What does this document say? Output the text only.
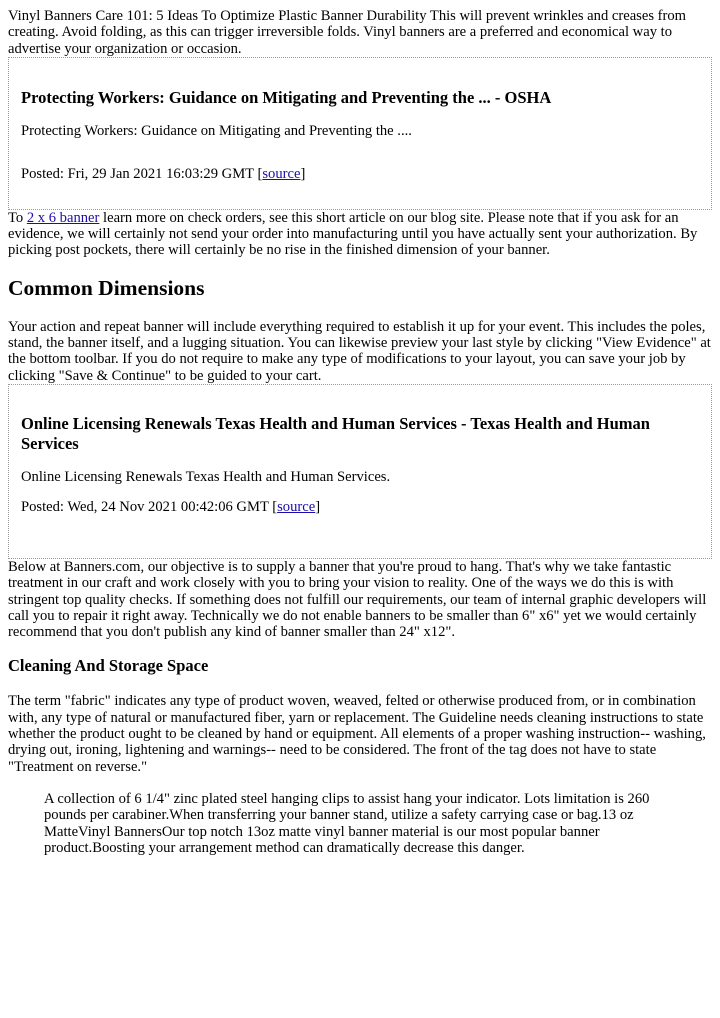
Vinyl Banners Care 101: 5 Ideas To Optimize Plastic Banner Durability This will prevent wrinkles and creases from creating. Avoid folding, as this can trigger irreversible folds. Vinyl banners are a preferred and economical way to advertise your organization or occasion.

Protecting Workers: Guidance on Mitigating and Preventing the ... - OSHA

Protecting Workers: Guidance on Mitigating and Preventing the ....

Posted: Fri, 29 Jan 2021 16:03:29 GMT [source]

To 2 x 6 banner learn more on check orders, see this short article on our blog site. Please note that if you ask for an evidence, we will certainly not send your order into manufacturing until you have actually sent your authorization. By picking post pockets, there will certainly be no rise in the finished dimension of your banner.

Common Dimensions

Your action and repeat banner will include everything required to establish it up for your event. This includes the poles, stand, the banner itself, and a lugging situation. You can likewise preview your last style by clicking "View Evidence" at the bottom toolbar. If you do not require to make any type of modifications to your layout, you can save your job by clicking "Save & Continue" to be guided to your cart.

Online Licensing Renewals Texas Health and Human Services - Texas Health and Human Services

Online Licensing Renewals Texas Health and Human Services.

Posted: Wed, 24 Nov 2021 00:42:06 GMT [source]

Below at Banners.com, our objective is to supply a banner that you're proud to hang. That's why we take fantastic treatment in our craft and work closely with you to bring your vision to reality. One of the ways we do this is with stringent top quality checks. If something does not fulfill our requirements, our team of internal graphic developers will call you to repair it right away. Technically we do not enable banners to be smaller than 6" x6" yet we would certainly recommend that you don't publish any kind of banner smaller than 24" x12".

Cleaning And Storage Space

The term "fabric" indicates any type of product woven, weaved, felted or otherwise produced from, or in combination with, any type of natural or manufactured fiber, yarn or replacement. The Guideline needs cleaning instructions to state whether the product ought to be cleaned by hand or equipment. All elements of a proper washing instruction-- washing, drying out, ironing, lightening and warnings-- need to be considered. The front of the tag does not have to state "Treatment on reverse."

A collection of 6 1/4" zinc plated steel hanging clips to assist hang your indicator. Lots limitation is 260 pounds per carabiner.When transferring your banner stand, utilize a safety carrying case or bag.13 oz MatteVinyl BannersOur top notch 13oz matte vinyl banner material is our most popular banner product.Boosting your arrangement method can dramatically decrease this danger.
